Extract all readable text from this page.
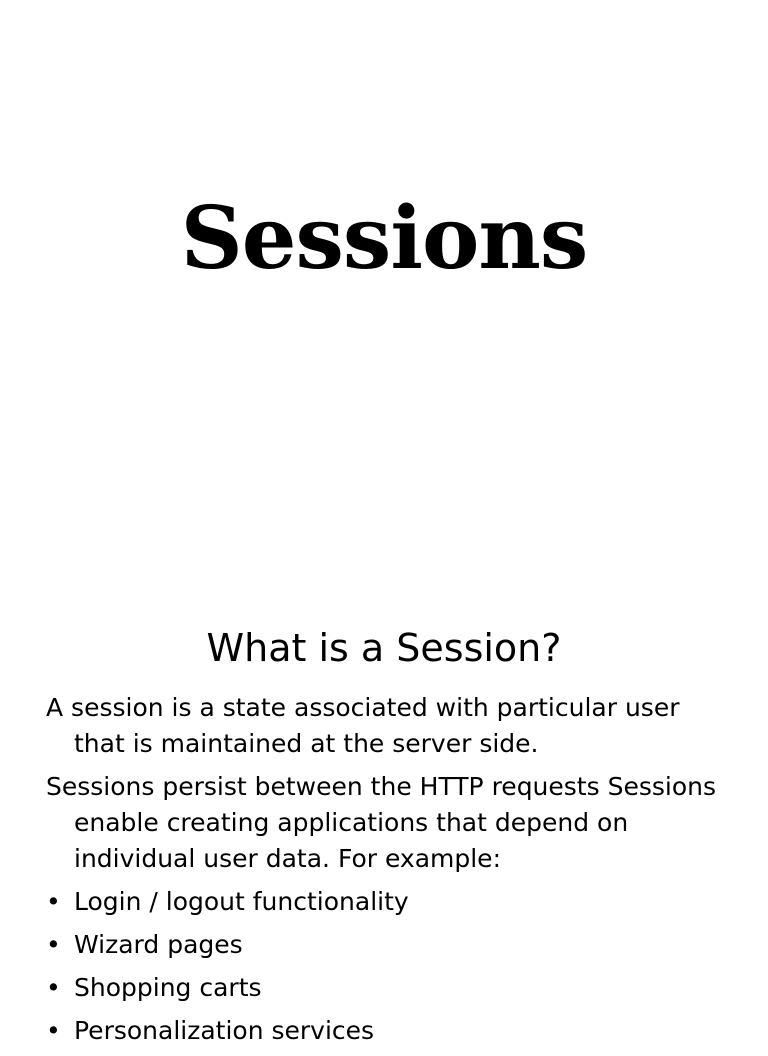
Sessions
What is a Session?
A session is a state associated with particular user that is maintained at the server side.
Sessions persist between the HTTP requests Sessions enable creating applications that depend on individual user data. For example:
• Login / logout functionality
• Wizard pages
• Shopping carts
• Personalization services
